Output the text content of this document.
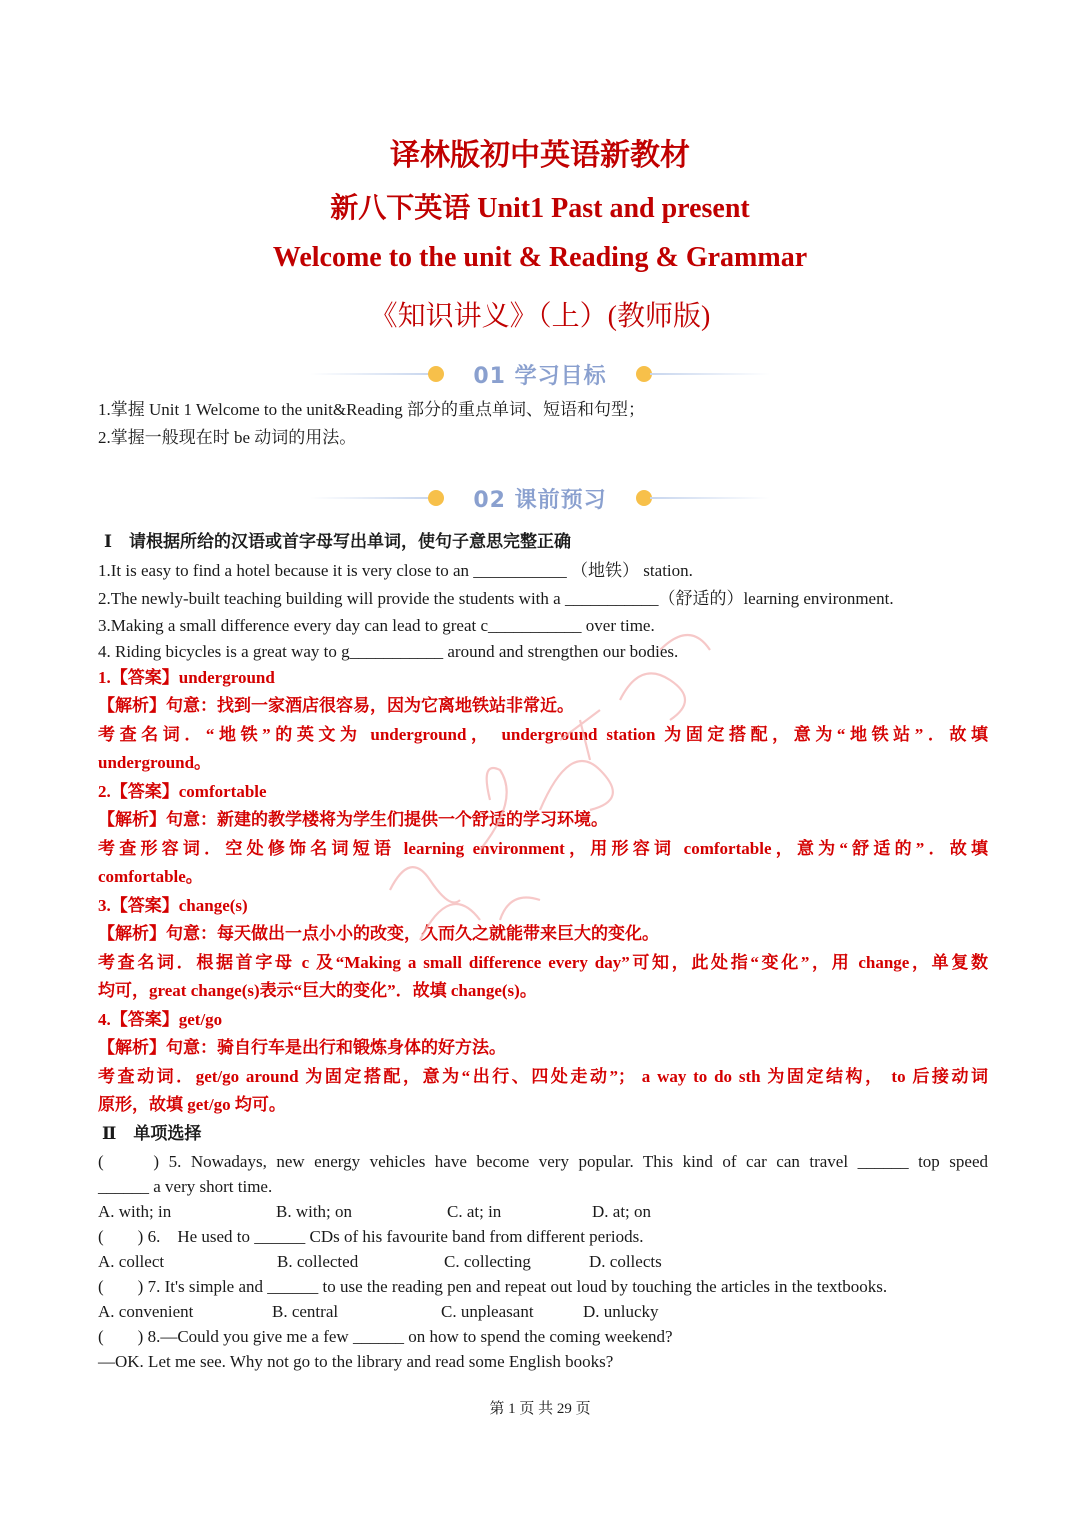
译林版初中英语新教材
新八下英语 Unit1 Past and present
Welcome to the unit & Reading & Grammar
《知识讲义》（上）(教师版)
01 学习目标
1.掌握 Unit 1 Welcome to the unit&Reading 部分的重点单词、短语和句型；
2.掌握一般现在时 be 动词的用法。
02 课前预习
Ⅰ　请根据所给的汉语或首字母写出单词，使句子意思完整正确
1.It is easy to find a hotel because it is very close to an ___________ （地铁） station.
2.The newly-built teaching building will provide the students with a ___________（舒适的）learning environment.
3.Making a small difference every day can lead to great c___________ over time.
4. Riding bicycles is a great way to g___________ around and strengthen our bodies.
1.【答案】underground
【解析】句意：找到一家酒店很容易，因为它离地铁站非常近。
考查名词．“地铁”的英文为 underground， underground station 为固定搭配，意为“地铁站”．故填
underground。
2.【答案】comfortable
【解析】句意：新建的教学楼将为学生们提供一个舒适的学习环境。
考查形容词．空处修饰名词短语 learning environment，用形容词 comfortable，意为“舒适的”．故填
comfortable。
3.【答案】change(s)
【解析】句意：每天做出一点小小的改变，久而久之就能带来巨大的变化。
考查名词．根据首字母 c 及“Making a small difference every day”可知，此处指“变化”，用 change，单复数
均可，great change(s)表示“巨大的变化”．故填 change(s)。
4.【答案】get/go
【解析】句意：骑自行车是出行和锻炼身体的好方法。
考查动词．get/go around 为固定搭配，意为“出行、四处走动”； a way to do sth 为固定结构， to 后接动词
原形，故填 get/go 均可。
Ⅱ　单项选择
(　　) 5. Nowadays, new energy vehicles have become very popular. This kind of car can travel ______ top speed
______ a very short time.
A. with; in	B. with; on	C. at; in	D. at; on
(　　) 6.　He used to ______ CDs of his favourite band from different periods.
A. collect	B. collected	C. collecting	D. collects
(　　) 7. It's simple and ______ to use the reading pen and repeat out loud by touching the articles in the textbooks.
A. convenient	B. central	C. unpleasant	D. unlucky
(　　) 8.—Could you give me a few ______ on how to spend the coming weekend?
—OK. Let me see. Why not go to the library and read some English books?
第 1 页 共 29 页
